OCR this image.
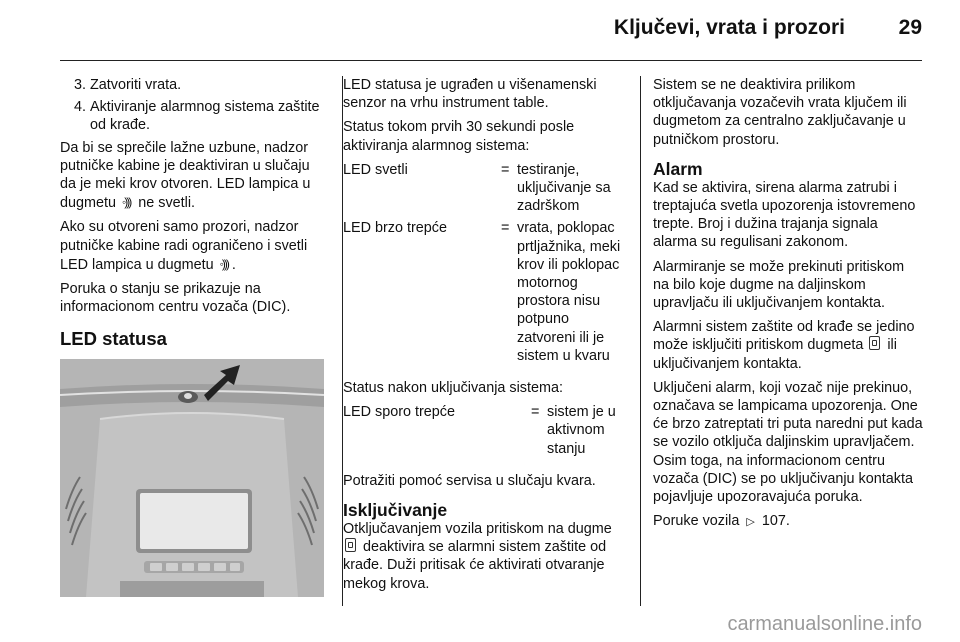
Ključevi, vrata i prozori	29
3. Zatvoriti vrata.
4. Aktiviranje alarmnog sistema zaštite od krađe.

Da bi se sprečile lažne uzbune, nadzor putničke kabine je deaktiviran u slučaju da je meki krov otvoren. LED lampica u dugmetu ◦))) ne svetli.

Ako su otvoreni samo prozori, nadzor putničke kabine radi ograničeno i svetli LED lampica u dugmetu ◦))) .

Poruka o stanju se prikazuje na informacionom centru vozača (DIC).

LED statusa

LED statusa je ugrađen u višenamenski senzor na vrhu instrument table.

Status tokom prvih 30 sekundi posle aktiviranja alarmnog sistema:

LED svetli	=	testiranje, uključivanje sa zadrškom
LED brzo trepće	=	vrata, poklopac prtljažnika, meki krov ili poklopac motornog prostora nisu potpuno zatvoreni ili je sistem u kvaru

Status nakon uključivanja sistema:

LED sporo trepće	=	sistem je u aktivnom stanju

Potražiti pomoć servisa u slučaju kvara.

Isključivanje

Otključavanjem vozila pritiskom na dugme  deaktivira se alarmni sistem zaštite od krađe. Duži pritisak će aktivirati otvaranje mekog krova.

Sistem se ne deaktivira prilikom otključavanja vozačevih vrata ključem ili dugmetom za centralno zaključavanje u putničkom prostoru.

Alarm

Kad se aktivira, sirena alarma zatrubi i treptajuća svetla upozorenja istovremeno trepte. Broj i dužina trajanja signala alarma su regulisani zakonom.

Alarmiranje se može prekinuti pritiskom na bilo koje dugme na daljinskom upravljaču ili uključivanjem kontakta.

Alarmni sistem zaštite od krađe se jedino može isključiti pritiskom dugmeta ili uključivanjem kontakta.

Uključeni alarm, koji vozač nije prekinuo, označava se lampicama upozorenja. One će brzo zatreptati tri puta naredni put kada se vozilo otključa daljinskim upravljačem. Osim toga, na informacionom centru vozača (DIC) se po uključivanju kontakta pojavljuje upozoravajuća poruka.

Poruke vozila ▷ 107.

carmanualsonline.info
